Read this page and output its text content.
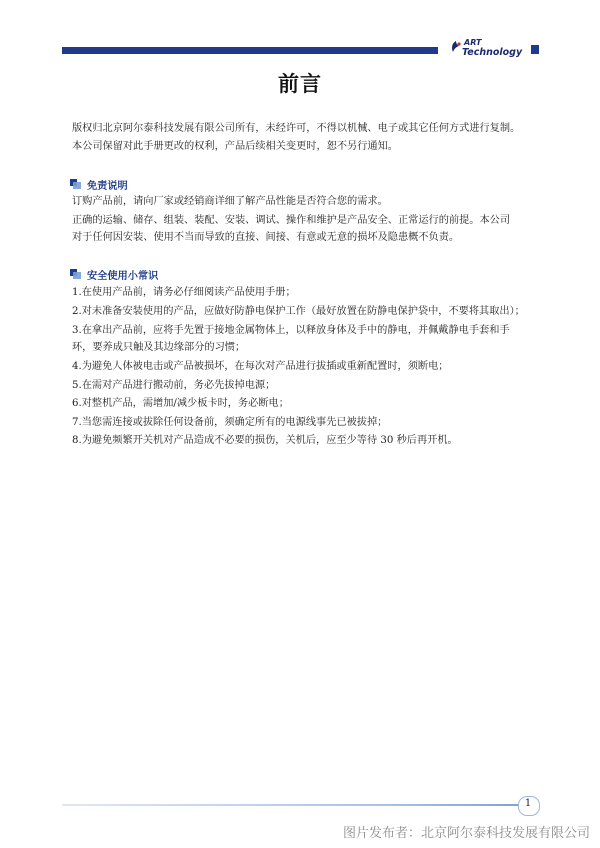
ART
Technology
前言
版权归北京阿尔泰科技发展有限公司所有，未经许可，不得以机械、电子或其它任何方式进行复制。
本公司保留对此手册更改的权利，产品后续相关变更时，恕不另行通知。
免责说明
订购产品前，请向厂家或经销商详细了解产品性能是否符合您的需求。
正确的运输、储存、组装、装配、安装、调试、操作和维护是产品安全、正常运行的前提。本公司
对于任何因安装、使用不当而导致的直接、间接、有意或无意的损坏及隐患概不负责。
安全使用小常识
1.在使用产品前，请务必仔细阅读产品使用手册；
2.对未准备安装使用的产品，应做好防静电保护工作（最好放置在防静电保护袋中，不要将其取出）；
3.在拿出产品前，应将手先置于接地金属物体上，以释放身体及手中的静电，并佩戴静电手套和手
环，要养成只触及其边缘部分的习惯；
4.为避免人体被电击或产品被损坏，在每次对产品进行拔插或重新配置时，须断电；
5.在需对产品进行搬动前，务必先拔掉电源；
6.对整机产品，需增加/减少板卡时，务必断电；
7.当您需连接或拔除任何设备前，须确定所有的电源线事先已被拔掉；
8.为避免频繁开关机对产品造成不必要的损伤，关机后，应至少等待 30 秒后再开机。
1
图片发布者：北京阿尔泰科技发展有限公司
